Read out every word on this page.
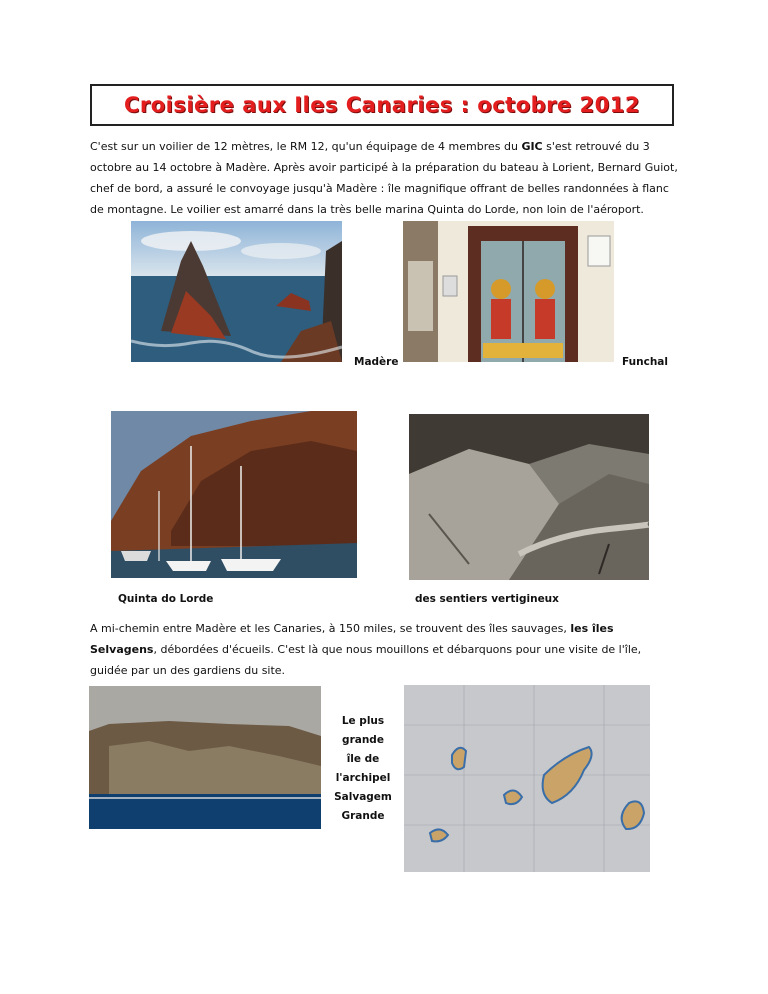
Croisière aux Iles Canaries : octobre 2012
C'est sur un voilier de 12 mètres, le RM 12, qu'un équipage de 4 membres du GIC s'est retrouvé du 3 octobre au 14 octobre à Madère. Après avoir participé à la préparation du bateau à Lorient, Bernard Guiot, chef de bord, a assuré le convoyage jusqu'à Madère : île magnifique offrant de belles randonnées à flanc de montagne. Le voilier est amarré dans la très belle marina Quinta do Lorde, non loin de l'aéroport.
Madère	Funchal
Quinta do Lorde	des sentiers vertigineux
A mi-chemin entre Madère et les Canaries, à 150 miles, se trouvent des îles sauvages, les îles Selvagens, débordées d'écueils. C'est là que nous mouillons et débarquons pour une visite de l'île, guidée par un des gardiens du site.
Le plus
grande
île de
l'archipel
Salvagem
Grande
